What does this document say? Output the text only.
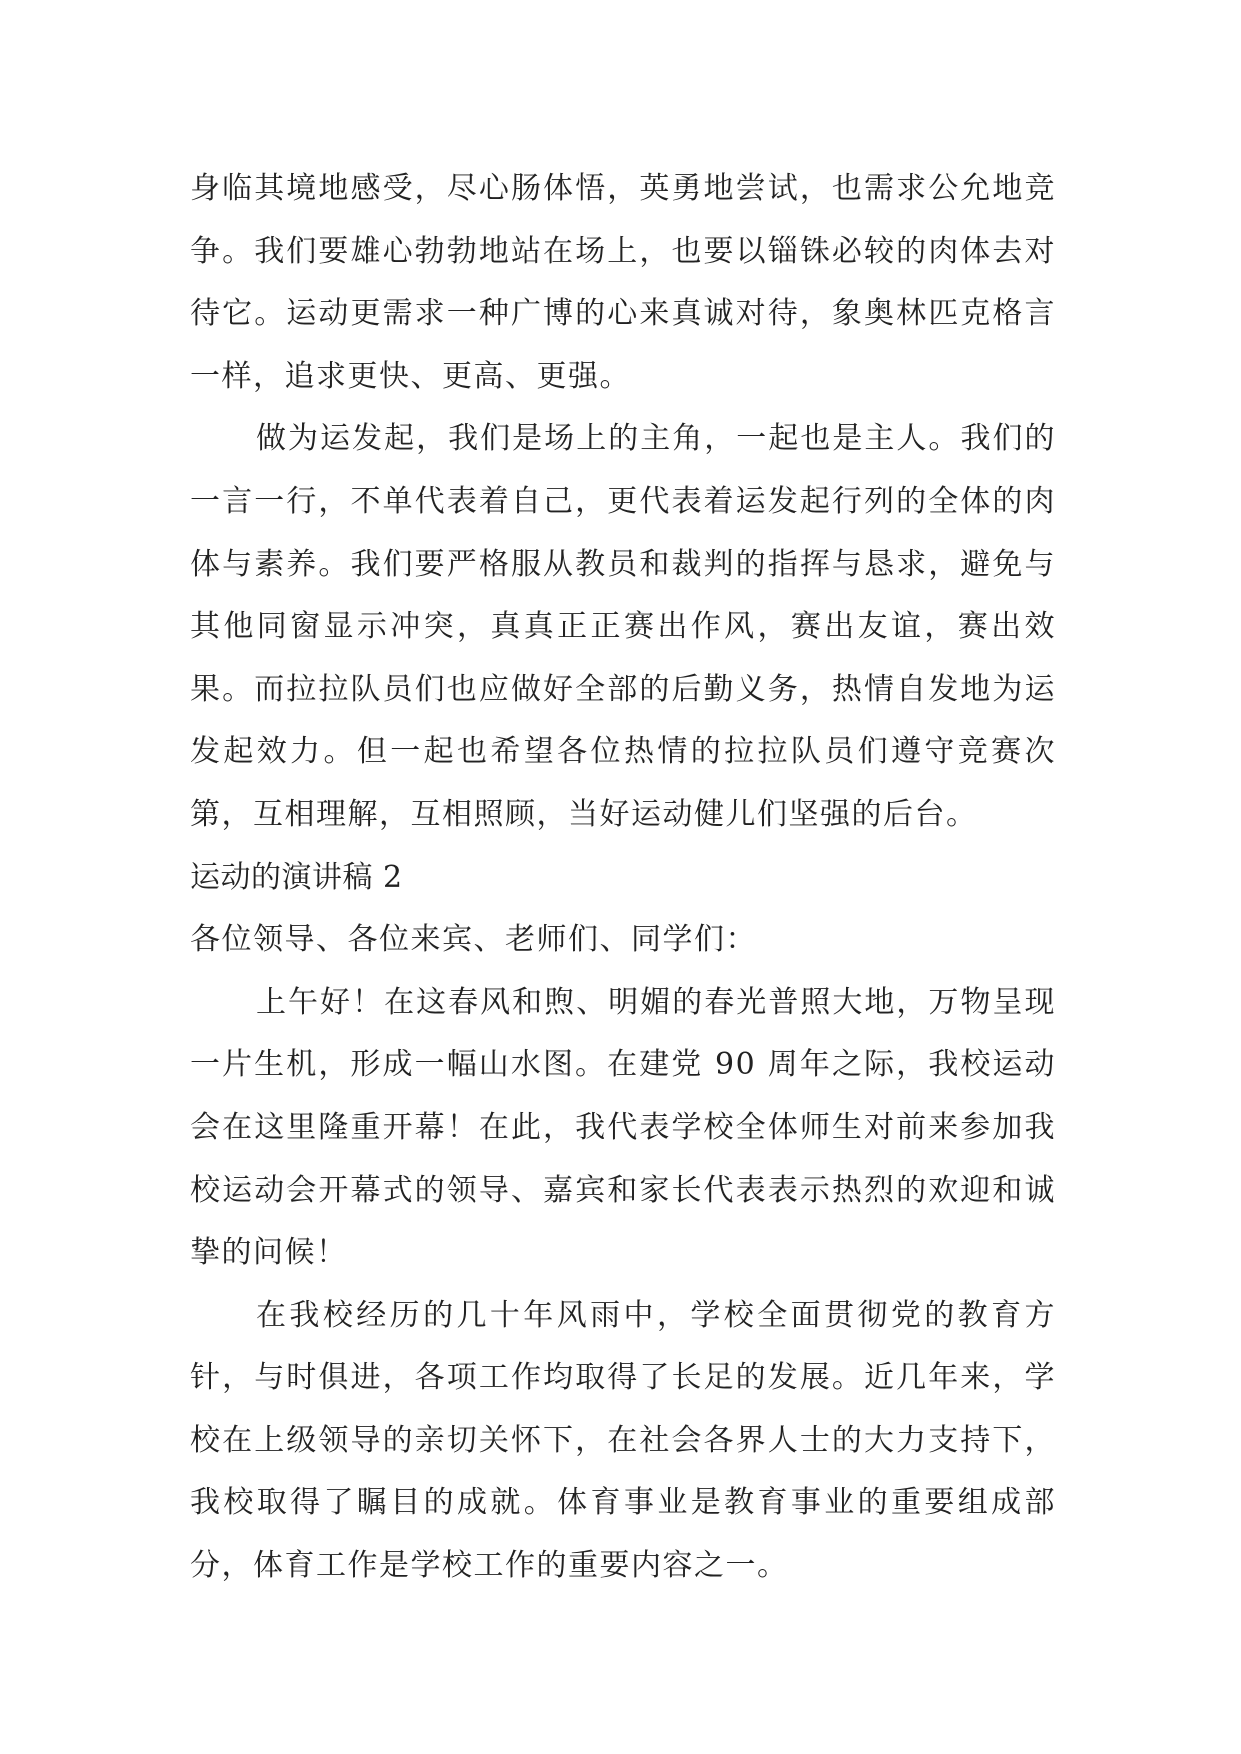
身临其境地感受，尽心肠体悟，英勇地尝试，也需求公允地竞争。我们要雄心勃勃地站在场上，也要以锱铢必较的肉体去对待它。运动更需求一种广博的心来真诚对待，象奥林匹克格言一样，追求更快、更高、更强。

做为运发起，我们是场上的主角，一起也是主人。我们的一言一行，不单代表着自己，更代表着运发起行列的全体的肉体与素养。我们要严格服从教员和裁判的指挥与恳求，避免与其他同窗显示冲突，真真正正赛出作风，赛出友谊，赛出效果。而拉拉队员们也应做好全部的后勤义务，热情自发地为运发起效力。但一起也希望各位热情的拉拉队员们遵守竞赛次第，互相理解，互相照顾，当好运动健儿们坚强的后台。

运动的演讲稿 2

各位领导、各位来宾、老师们、同学们：

上午好！在这春风和煦、明媚的春光普照大地，万物呈现一片生机，形成一幅山水图。在建党 90 周年之际，我校运动会在这里隆重开幕！在此，我代表学校全体师生对前来参加我校运动会开幕式的领导、嘉宾和家长代表表示热烈的欢迎和诚挚的问候！

在我校经历的几十年风雨中，学校全面贯彻党的教育方针，与时俱进，各项工作均取得了长足的发展。近几年来，学校在上级领导的亲切关怀下，在社会各界人士的大力支持下，我校取得了瞩目的成就。体育事业是教育事业的重要组成部分，体育工作是学校工作的重要内容之一。
